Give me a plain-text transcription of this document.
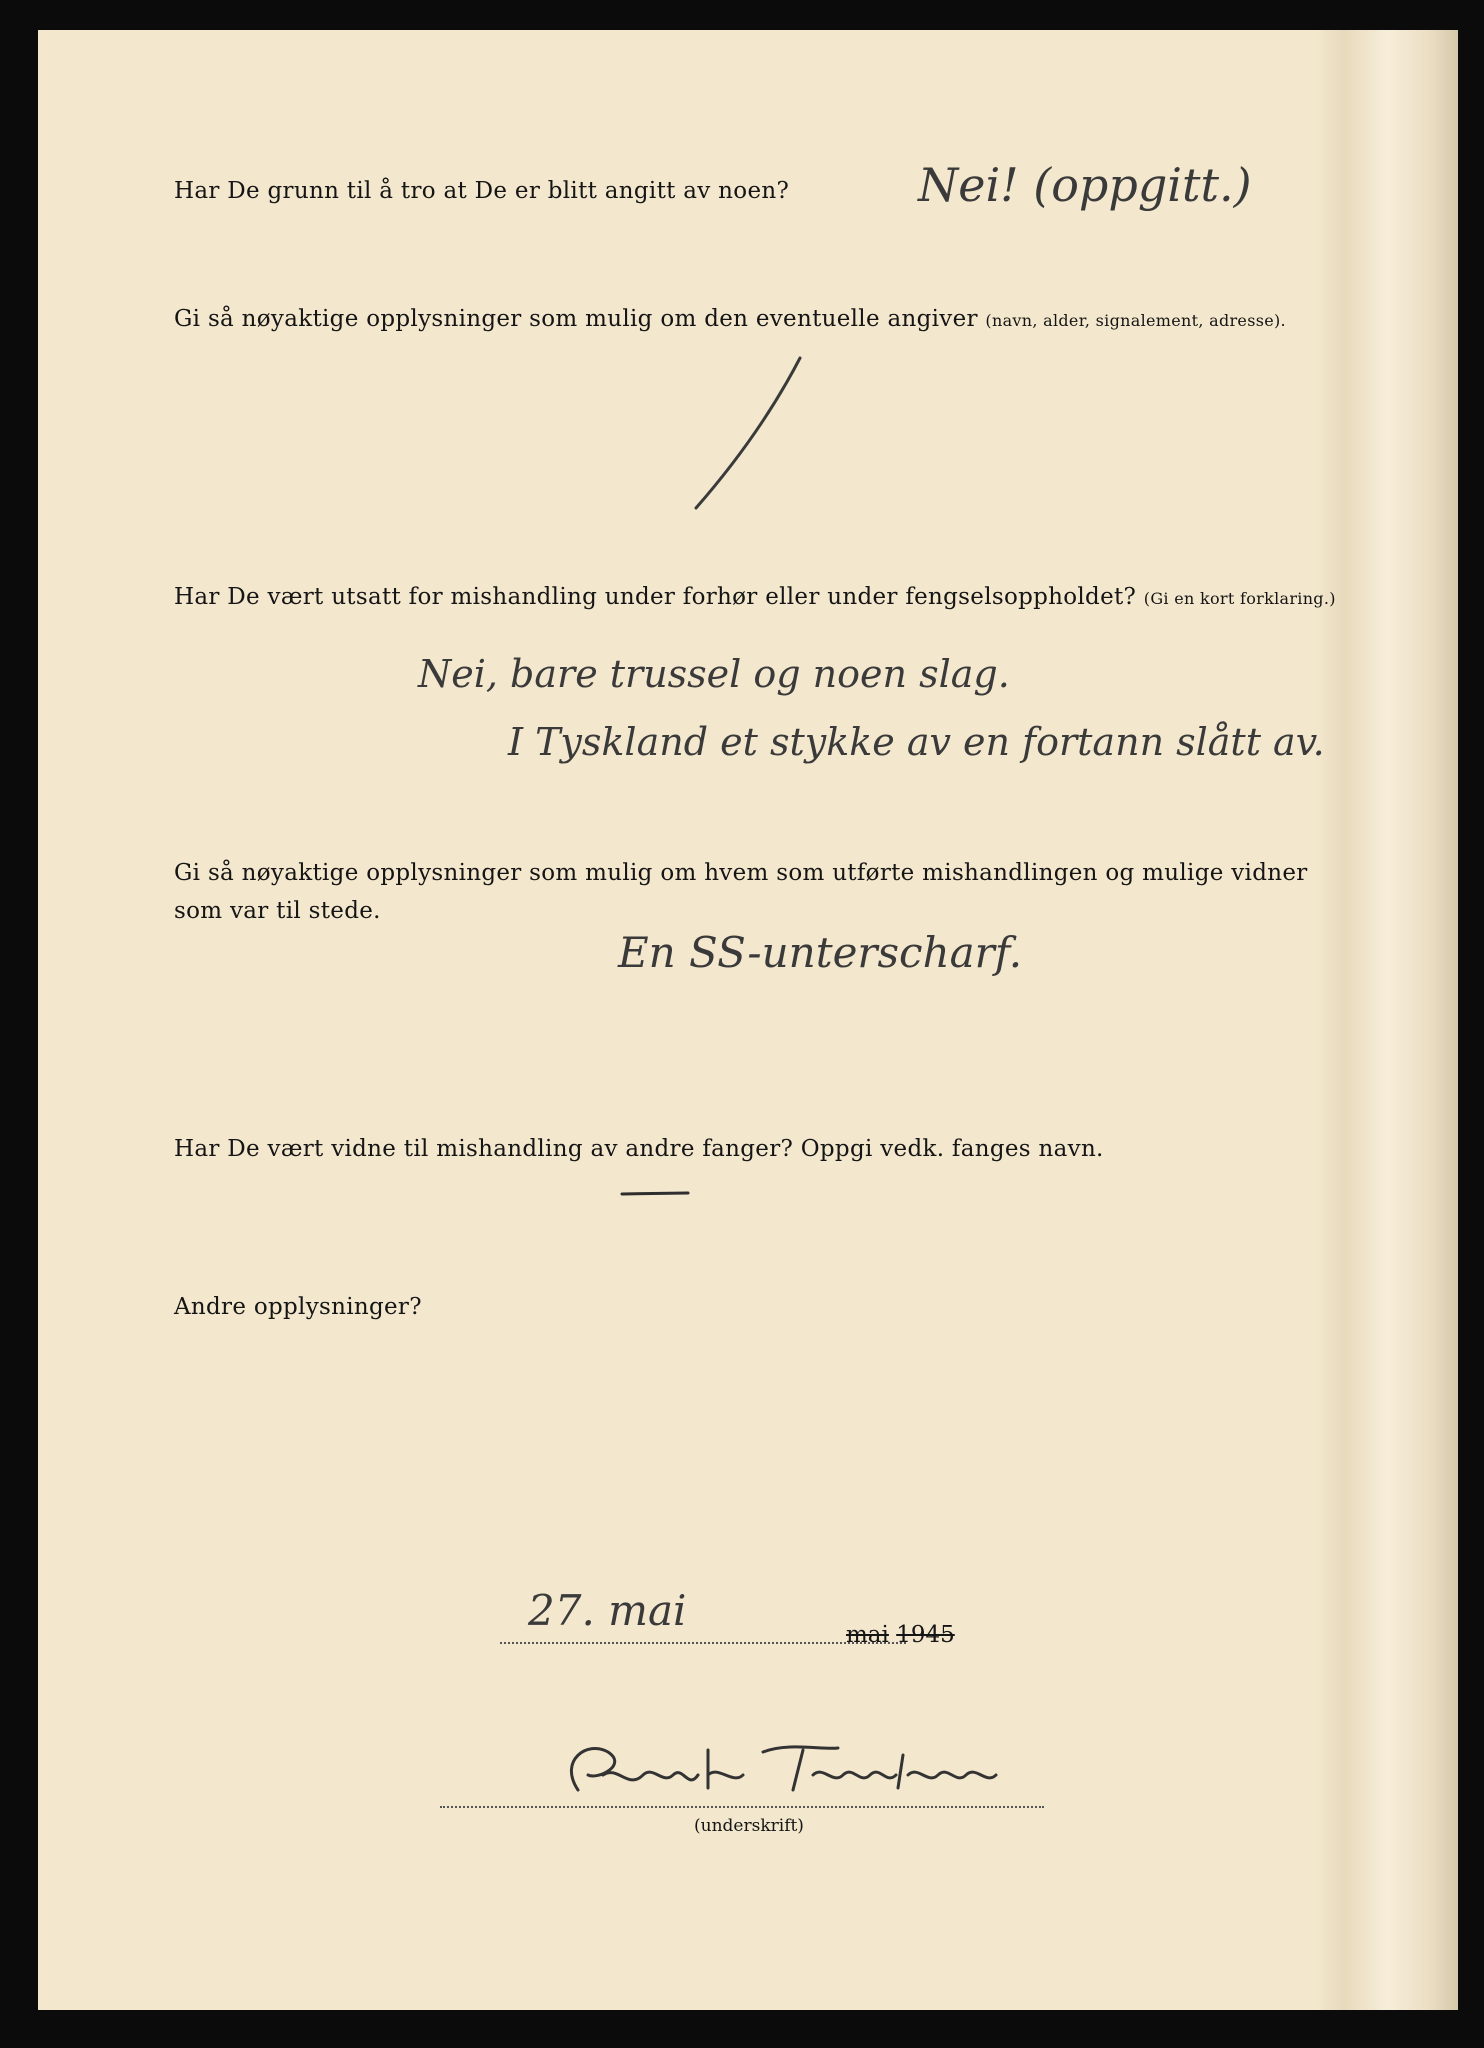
Har De grunn til å tro at De er blitt angitt av noen?	Nei! (oppgitt.)
Gi så nøyaktige opplysninger som mulig om den eventuelle angiver (navn, alder, signalement, adresse).
Har De vært utsatt for mishandling under forhør eller under fengselsoppholdet? (Gi en kort forklaring.)
Nei, bare trussel og noen slag.
I Tyskland et stykke av en fortann slått av.
Gi så nøyaktige opplysninger som mulig om hvem som utførte mishandlingen og mulige vidner
som var til stede.
En SS-unterscharf.
Har De vært vidne til mishandling av andre fanger? Oppgi vedk. fanges navn.
Andre opplysninger?
27. mai	mai 1945
(underskrift)
